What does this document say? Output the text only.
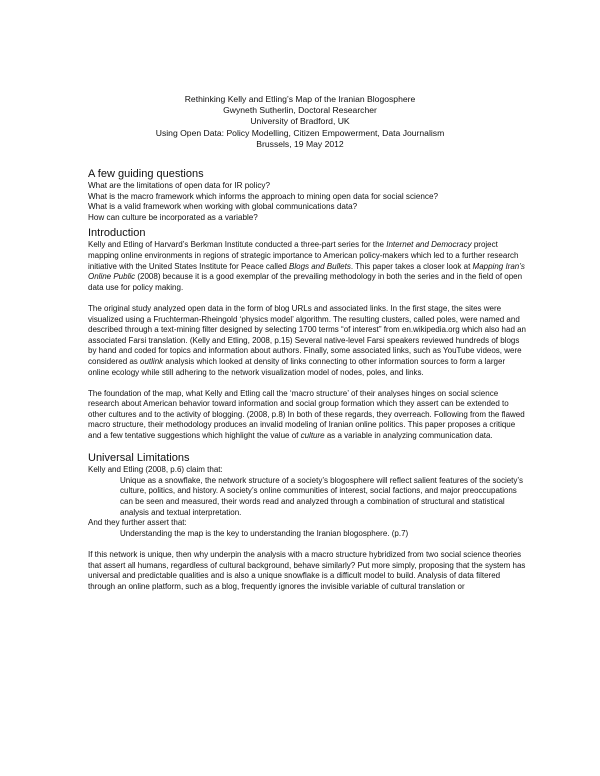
Rethinking Kelly and Etling’s Map of the Iranian Blogosphere
Gwyneth Sutherlin, Doctoral Researcher
University of Bradford, UK
Using Open Data: Policy Modelling, Citizen Empowerment, Data Journalism
Brussels, 19 May 2012
A few guiding questions

What are the limitations of open data for IR policy?

What is the macro framework which informs the approach to mining open data for social science?

What is a valid framework when working with global communications data?

How can culture be incorporated as a variable?

Introduction

Kelly and Etling of Harvard’s Berkman Institute conducted a three-part series for the Internet and Democracy project mapping online environments in regions of strategic importance to American policy-makers which led to a further research initiative with the United States Institute for Peace called Blogs and Bullets. This paper takes a closer look at Mapping Iran’s Online Public (2008) because it is a good exemplar of the prevailing methodology in both the series and in the field of open data use for policy making.

The original study analyzed open data in the form of blog URLs and associated links. In the first stage, the sites were visualized using a Fruchterman-Rheingold ‘physics model’ algorithm. The resulting clusters, called poles, were named and described through a text-mining filter designed by selecting 1700 terms “of interest” from en.wikipedia.org which also had an associated Farsi translation. (Kelly and Etling, 2008, p.15) Several native-level Farsi speakers reviewed hundreds of blogs by hand and coded for topics and information about authors. Finally, some associated links, such as YouTube videos, were considered as outlink analysis which looked at density of links connecting to other information sources to form a larger online ecology while still adhering to the network visualization model of nodes, poles, and links.

The foundation of the map, what Kelly and Etling call the ‘macro structure’ of their analyses hinges on social science research about American behavior toward information and social group formation which they assert can be extended to other cultures and to the activity of blogging. (2008, p.8) In both of these regards, they overreach. Following from the flawed macro structure, their methodology produces an invalid modeling of Iranian online politics. This paper proposes a critique and a few tentative suggestions which highlight the value of culture as a variable in analyzing communication data.

Universal Limitations

Kelly and Etling (2008, p.6) claim that:

Unique as a snowflake, the network structure of a society’s blogosphere will reflect salient features of the society’s culture, politics, and history. A society’s online communities of interest, social factions, and major preoccupations can be seen and measured, their words read and analyzed through a combination of structural and statistical analysis and textual interpretation.

And they further assert that:

Understanding the map is the key to understanding the Iranian blogosphere. (p.7)

If this network is unique, then why underpin the analysis with a macro structure hybridized from two social science theories that assert all humans, regardless of cultural background, behave similarly? Put more simply, proposing that the system has universal and predictable qualities and is also a unique snowflake is a difficult model to build. Analysis of data filtered through an online platform, such as a blog, frequently ignores the invisible variable of cultural translation or
